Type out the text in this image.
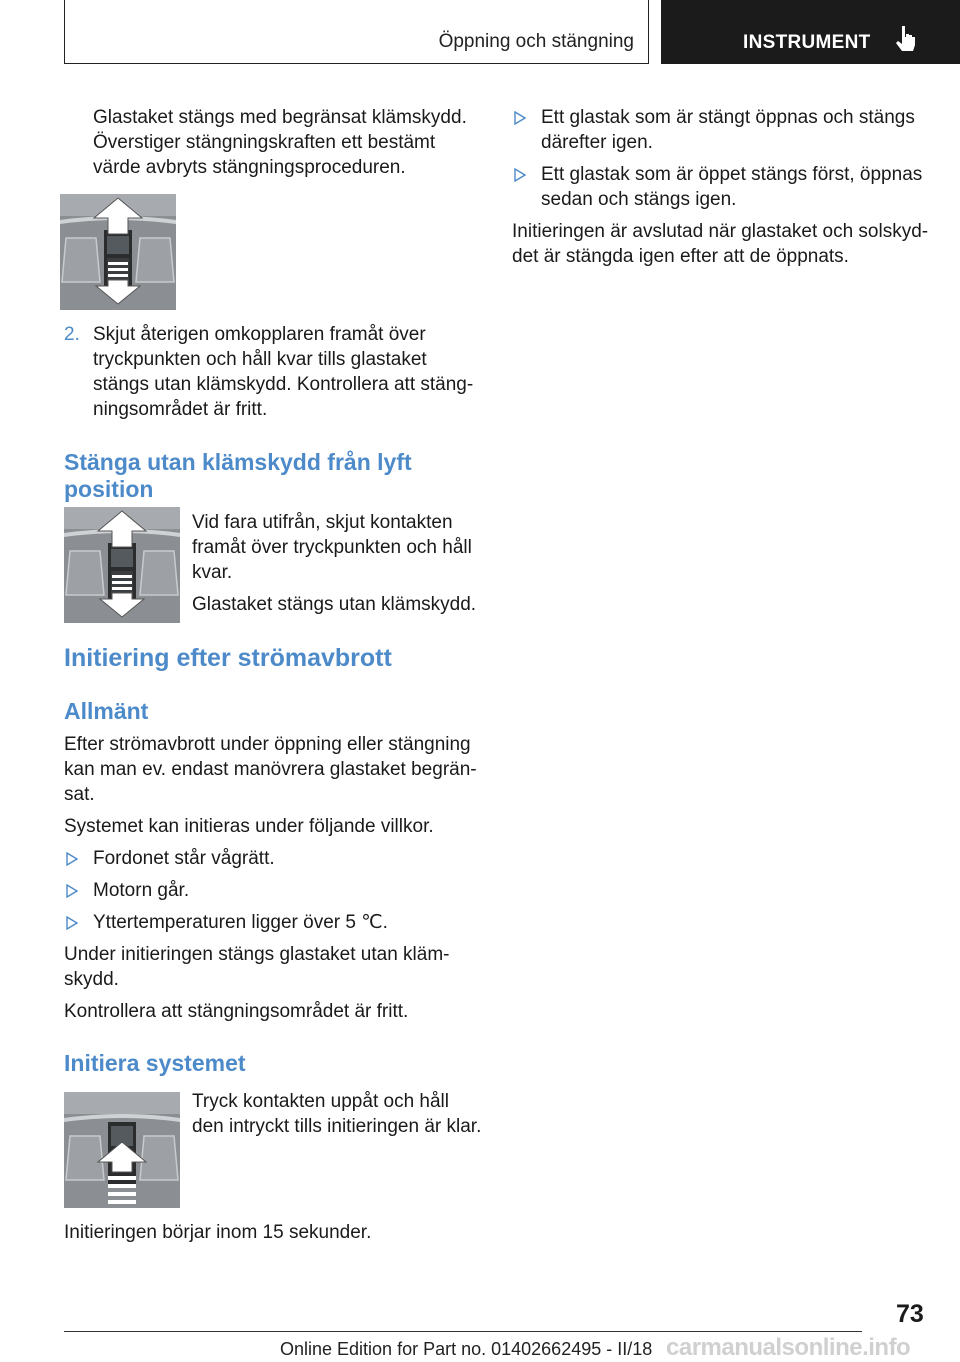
Öppning och stängning	INSTRUMENT

Glastaket stängs med begränsat klämskydd.
Överstiger stängningskraften ett bestämt
värde avbryts stängningsproceduren.

2. Skjut återigen omkopplaren framåt över
tryckpunkten och håll kvar tills glastaket
stängs utan klämskydd. Kontrollera att stäng-
ningsområdet är fritt.

Stänga utan klämskydd från lyft
position

Vid fara utifrån, skjut kontakten
framåt över tryckpunkten och håll
kvar.

Glastaket stängs utan klämskydd.

Initiering efter strömavbrott

Allmänt

Efter strömavbrott under öppning eller stängning
kan man ev. endast manövrera glastaket begrän-
sat.

Systemet kan initieras under följande villkor.

Fordonet står vågrätt.

Motorn går.

Yttertemperaturen ligger över 5 ℃.

Under initieringen stängs glastaket utan kläm-
skydd.

Kontrollera att stängningsområdet är fritt.

Initiera systemet

Tryck kontakten uppåt och håll
den intryckt tills initieringen är klar.

Initieringen börjar inom 15 sekunder.

Ett glastak som är stängt öppnas och stängs
därefter igen.

Ett glastak som är öppet stängs först, öppnas
sedan och stängs igen.

Initieringen är avslutad när glastaket och solskyd-
det är stängda igen efter att de öppnats.

73
Online Edition for Part no. 01402662495 - II/18 carmanualsonline.info
